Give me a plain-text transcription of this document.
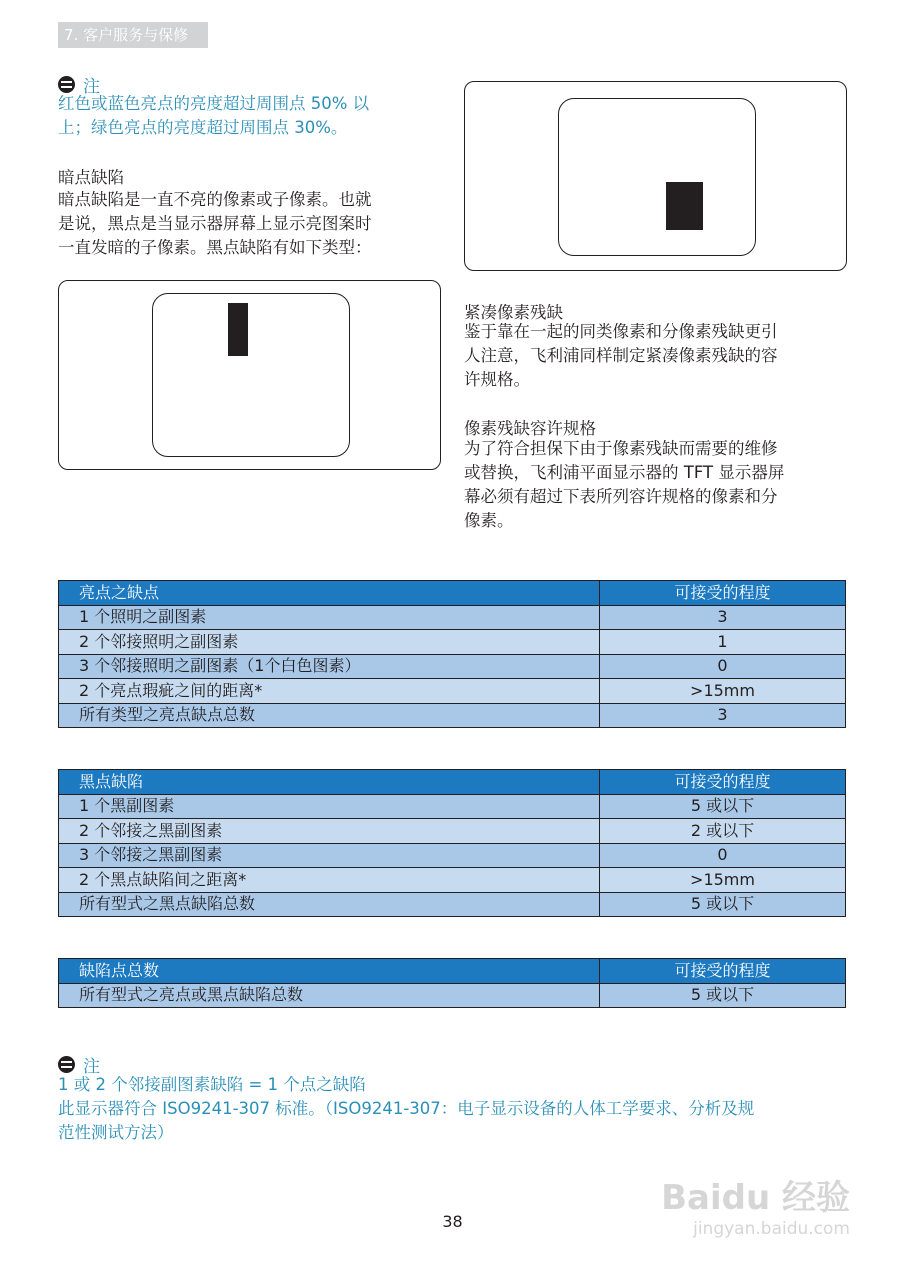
7. 客户服务与保修
注
红色或蓝色亮点的亮度超过周围点 50% 以
上；绿色亮点的亮度超过周围点 30%。
暗点缺陷
暗点缺陷是一直不亮的像素或子像素。也就
是说，黑点是当显示器屏幕上显示亮图案时
一直发暗的子像素。黑点缺陷有如下类型：
紧凑像素残缺
鉴于靠在一起的同类像素和分像素残缺更引
人注意，飞利浦同样制定紧凑像素残缺的容
许规格。
像素残缺容许规格
为了符合担保下由于像素残缺而需要的维修
或替换，飞利浦平面显示器的 TFT 显示器屏
幕必须有超过下表所列容许规格的像素和分
像素。
亮点之缺点	可接受的程度
1 个照明之副图素	3
2 个邻接照明之副图素	1
3 个邻接照明之副图素（1个白色图素）	0
2 个亮点瑕疵之间的距离*	>15mm
所有类型之亮点缺点总数	3
黑点缺陷	可接受的程度
1 个黑副图素	5 或以下
2 个邻接之黑副图素	2 或以下
3 个邻接之黑副图素	0
2 个黑点缺陷间之距离*	>15mm
所有型式之黑点缺陷总数	5 或以下
缺陷点总数	可接受的程度
所有型式之亮点或黑点缺陷总数	5 或以下
注
1 或 2 个邻接副图素缺陷 = 1 个点之缺陷
此显示器符合 ISO9241-307 标准。（ISO9241-307：电子显示设备的人体工学要求、分析及规
范性测试方法）
Baidu 经验
jingyan.baidu.com
38
